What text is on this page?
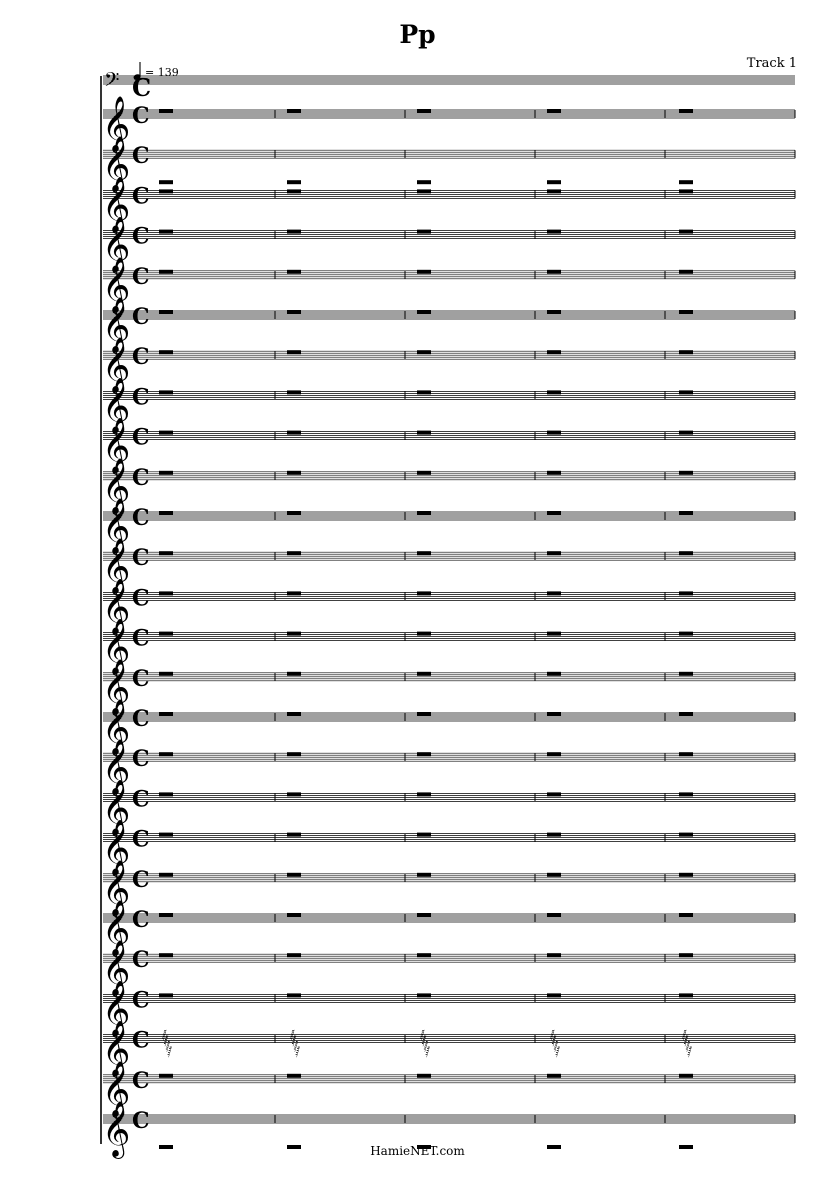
Pp
Track 1
= 139
𝄢 C
𝄞 C
𝄞 C
𝄞 C
𝄞 C
𝄞 C
𝄞 C
𝄞 C
𝄞 C
𝄞 C
𝄞 C
𝄞 C
𝄞 C
𝄞 C
𝄞 C
𝄞 C
𝄞 C
𝄞 C
𝄞 C
𝄞 C
𝄞 C
𝄞 C
𝄞 C
𝄞 C
𝄞 C 𝅂
𝅂
𝅂
𝅂
𝅂
𝅂
𝅂
𝅂
𝅂
𝅂
𝅂
𝅂
𝅂
𝅂
𝅂
𝅂
𝅂
𝅂
𝅂
𝅂
𝄞 C
𝄞 C
HamieNET.com
